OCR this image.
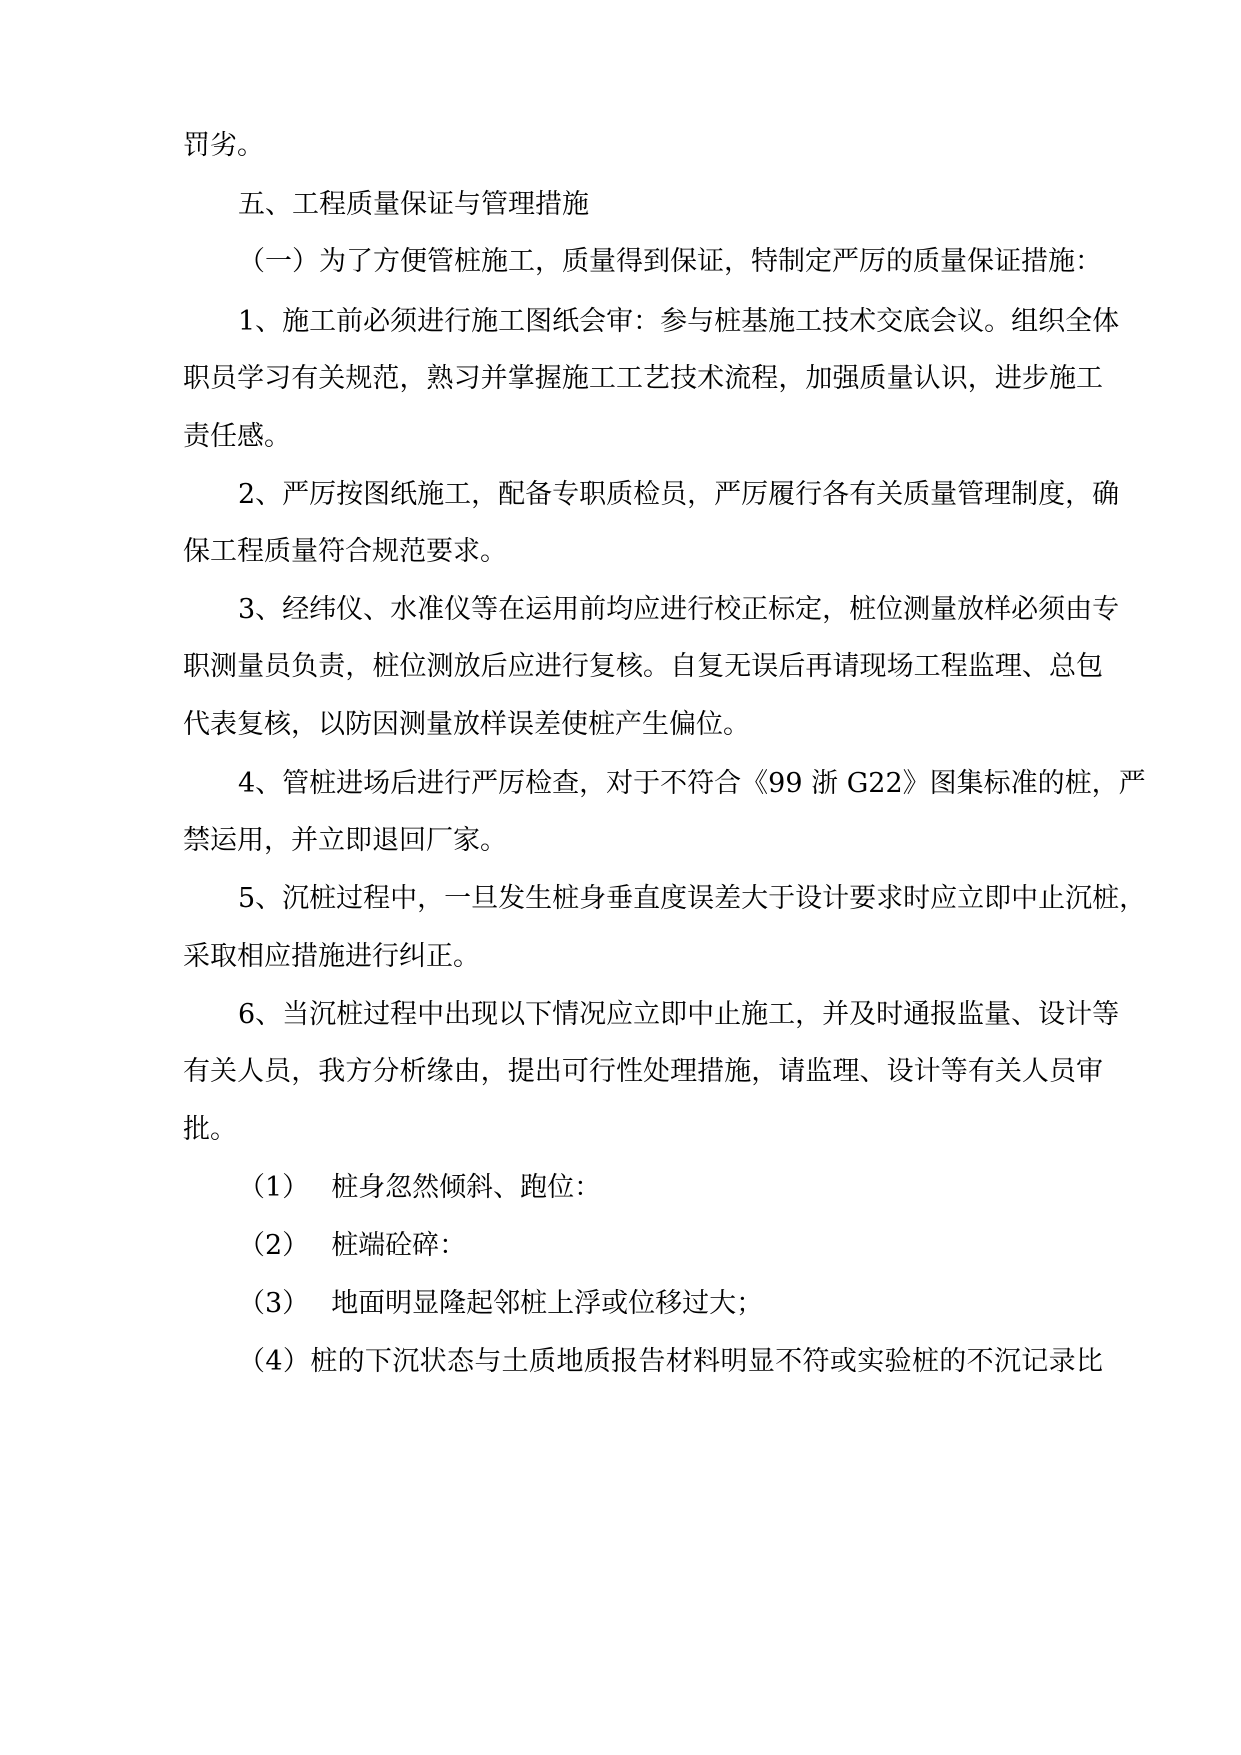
罚劣。

五、工程质量保证与管理措施

（一）为了方便管桩施工，质量得到保证，特制定严厉的质量保证措施：

1、施工前必须进行施工图纸会审：参与桩基施工技术交底会议。组织全体

职员学习有关规范，熟习并掌握施工工艺技术流程，加强质量认识，进步施工

责任感。

2、严厉按图纸施工，配备专职质检员，严厉履行各有关质量管理制度，确

保工程质量符合规范要求。

3、经纬仪、水准仪等在运用前均应进行校正标定，桩位测量放样必须由专

职测量员负责，桩位测放后应进行复核。自复无误后再请现场工程监理、总包

代表复核，以防因测量放样误差使桩产生偏位。

4、管桩进场后进行严厉检查，对于不符合《99 浙 G22》图集标准的桩，严

禁运用，并立即退回厂家。

5、沉桩过程中，一旦发生桩身垂直度误差大于设计要求时应立即中止沉桩，

采取相应措施进行纠正。

6、当沉桩过程中出现以下情况应立即中止施工，并及时通报监量、设计等

有关人员，我方分析缘由，提出可行性处理措施，请监理、设计等有关人员审

批。

（1） 桩身忽然倾斜、跑位：
（2） 桩端砼碎：
（3） 地面明显隆起邻桩上浮或位移过大；

（4）桩的下沉状态与土质地质报告材料明显不符或实验桩的不沉记录比
